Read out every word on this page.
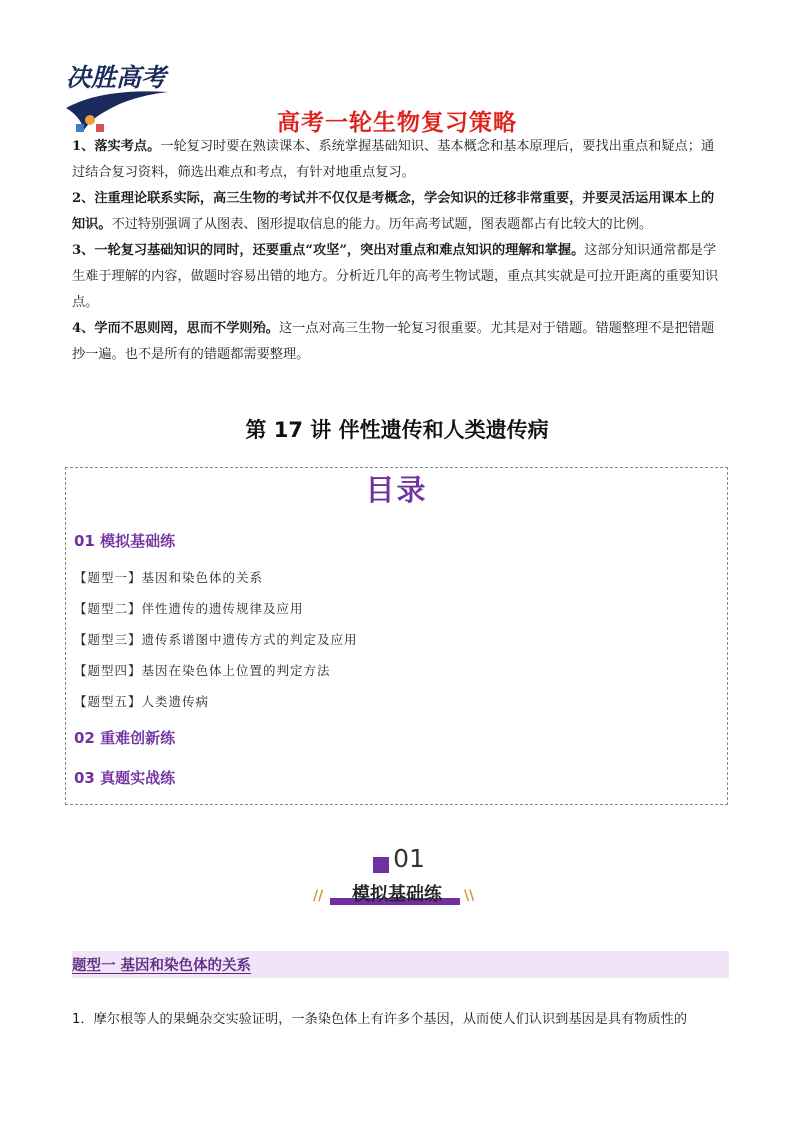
决胜高考
高考一轮生物复习策略

1、落实考点。一轮复习时要在熟读课本、系统掌握基础知识、基本概念和基本原理后，要找出重点和疑点；通过结合复习资料，筛选出难点和考点，有针对地重点复习。

2、注重理论联系实际，高三生物的考试并不仅仅是考概念，学会知识的迁移非常重要，并要灵活运用课本上的知识。不过特别强调了从图表、图形提取信息的能力。历年高考试题，图表题都占有比较大的比例。

3、一轮复习基础知识的同时，还要重点“攻坚”，突出对重点和难点知识的理解和掌握。这部分知识通常都是学生难于理解的内容，做题时容易出错的地方。分析近几年的高考生物试题，重点其实就是可拉开距离的重要知识点。

4、学而不思则罔，思而不学则殆。这一点对高三生物一轮复习很重要。尤其是对于错题。错题整理不是把错题抄一遍。也不是所有的错题都需要整理。

第 17 讲 伴性遗传和人类遗传病
目录
01 模拟基础练
【题型一】基因和染色体的关系
【题型二】伴性遗传的遗传规律及应用
【题型三】遗传系谱图中遗传方式的判定及应用
【题型四】基因在染色体上位置的判定方法
【题型五】人类遗传病
02 重难创新练
03 真题实战练
01
模拟基础练
//	\\
题型一 基因和染色体的关系
1．摩尔根等人的果蝇杂交实验证明，一条染色体上有许多个基因，从而使人们认识到基因是具有物质性的
